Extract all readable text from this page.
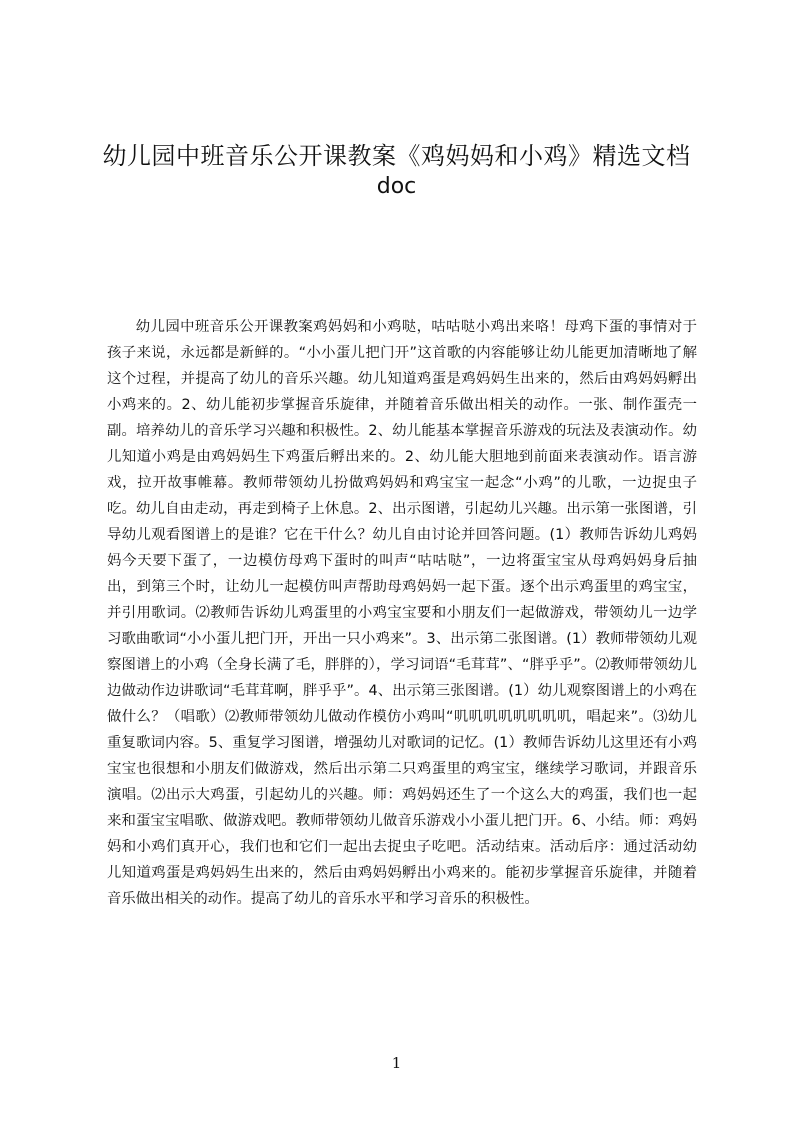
幼儿园中班音乐公开课教案《鸡妈妈和小鸡》精选文档
doc
幼儿园中班音乐公开课教案鸡妈妈和小鸡哒，咕咕哒小鸡出来咯！母鸡下蛋的事情对于孩子来说，永远都是新鲜的。“小小蛋儿把门开”这首歌的内容能够让幼儿能更加清晰地了解这个过程，并提高了幼儿的音乐兴趣。幼儿知道鸡蛋是鸡妈妈生出来的，然后由鸡妈妈孵出小鸡来的。2、幼儿能初步掌握音乐旋律，并随着音乐做出相关的动作。一张、制作蛋壳一副。培养幼儿的音乐学习兴趣和积极性。2、幼儿能基本掌握音乐游戏的玩法及表演动作。幼儿知道小鸡是由鸡妈妈生下鸡蛋后孵出来的。2、幼儿能大胆地到前面来表演动作。语言游戏，拉开故事帷幕。教师带领幼儿扮做鸡妈妈和鸡宝宝一起念“小鸡”的儿歌，一边捉虫子吃。幼儿自由走动，再走到椅子上休息。2、出示图谱，引起幼儿兴趣。出示第一张图谱，引导幼儿观看图谱上的是谁？它在干什么？幼儿自由讨论并回答问题。(1）教师告诉幼儿鸡妈妈今天要下蛋了，一边模仿母鸡下蛋时的叫声“咕咕哒”，一边将蛋宝宝从母鸡妈妈身后抽出，到第三个时，让幼儿一起模仿叫声帮助母鸡妈妈一起下蛋。逐个出示鸡蛋里的鸡宝宝，并引用歌词。⑵教师告诉幼儿鸡蛋里的小鸡宝宝要和小朋友们一起做游戏，带领幼儿一边学习歌曲歌词“小小蛋儿把门开，开出一只小鸡来”。3、出示第二张图谱。(1）教师带领幼儿观察图谱上的小鸡（全身长满了毛，胖胖的），学习词语“毛茸茸”、“胖乎乎”。⑵教师带领幼儿边做动作边讲歌词“毛茸茸啊，胖乎乎”。4、出示第三张图谱。(1）幼儿观察图谱上的小鸡在做什么？（唱歌）⑵教师带领幼儿做动作模仿小鸡叫“叽叽叽叽叽叽叽叽，唱起来”。⑶幼儿重复歌词内容。5、重复学习图谱，增强幼儿对歌词的记忆。(1）教师告诉幼儿这里还有小鸡宝宝也很想和小朋友们做游戏，然后出示第二只鸡蛋里的鸡宝宝，继续学习歌词，并跟音乐演唱。⑵出示大鸡蛋，引起幼儿的兴趣。师：鸡妈妈还生了一个这么大的鸡蛋，我们也一起来和蛋宝宝唱歌、做游戏吧。教师带领幼儿做音乐游戏小小蛋儿把门开。6、小结。师：鸡妈妈和小鸡们真开心，我们也和它们一起出去捉虫子吃吧。活动结束。活动后序：通过活动幼儿知道鸡蛋是鸡妈妈生出来的，然后由鸡妈妈孵出小鸡来的。能初步掌握音乐旋律，并随着音乐做出相关的动作。提高了幼儿的音乐水平和学习音乐的积极性。
1
